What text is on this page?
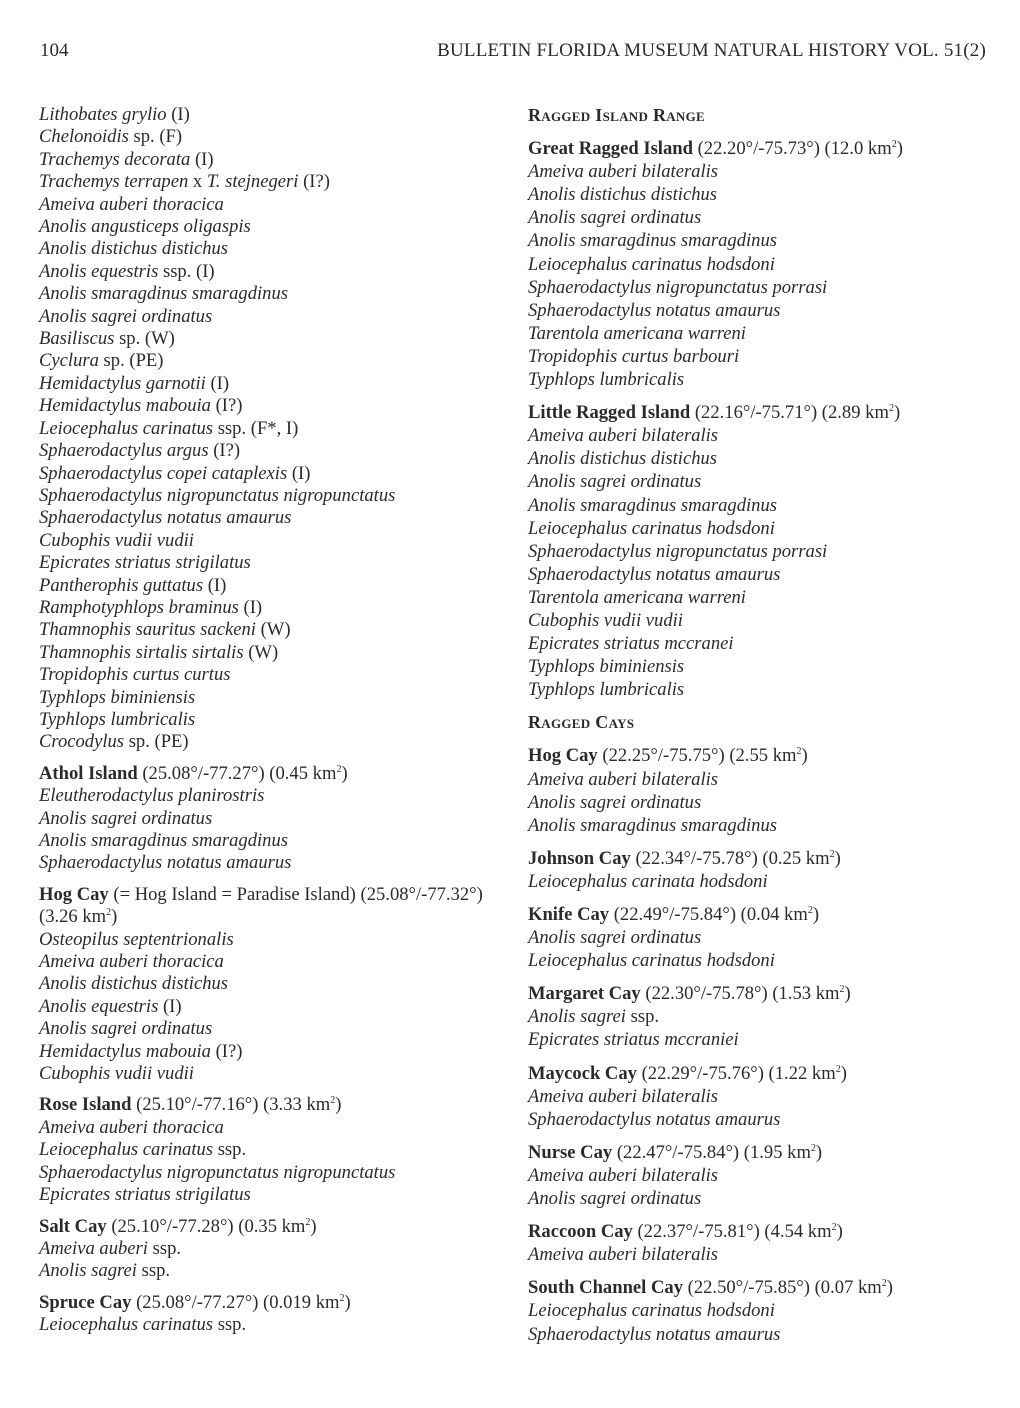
104	BULLETIN FLORIDA MUSEUM NATURAL HISTORY VOL. 51(2)
Lithobates grylio (I)
Chelonoidis sp. (F)
Trachemys decorata (I)
Trachemys terrapen x T. stejnegeri (I?)
Ameiva auberi thoracica
Anolis angusticeps oligaspis
Anolis distichus distichus
Anolis equestris ssp. (I)
Anolis smaragdinus smaragdinus
Anolis sagrei ordinatus
Basiliscus sp. (W)
Cyclura sp. (PE)
Hemidactylus garnotii (I)
Hemidactylus mabouia (I?)
Leiocephalus carinatus ssp. (F*, I)
Sphaerodactylus argus (I?)
Sphaerodactylus copei cataplexis (I)
Sphaerodactylus nigropunctatus nigropunctatus
Sphaerodactylus notatus amaurus
Cubophis vudii vudii
Epicrates striatus strigilatus
Pantherophis guttatus (I)
Ramphotyphlops braminus (I)
Thamnophis sauritus sackeni (W)
Thamnophis sirtalis sirtalis (W)
Tropidophis curtus curtus
Typhlops biminiensis
Typhlops lumbricalis
Crocodylus sp. (PE)
Athol Island (25.08°/-77.27°) (0.45 $km^2$)
Eleutherodactylus planirostris
Anolis sagrei ordinatus
Anolis smaragdinus smaragdinus
Sphaerodactylus notatus amaurus
Hog Cay (= Hog Island = Paradise Island) (25.08°/-77.32°) (3.26 $km^2$)
Osteopilus septentrionalis
Ameiva auberi thoracica
Anolis distichus distichus
Anolis equestris (I)
Anolis sagrei ordinatus
Hemidactylus mabouia (I?)
Cubophis vudii vudii
Rose Island (25.10°/-77.16°) (3.33 $km^2$)
Ameiva auberi thoracica
Leiocephalus carinatus ssp.
Sphaerodactylus nigropunctatus nigropunctatus
Epicrates striatus strigilatus
Salt Cay (25.10°/-77.28°) (0.35 $km^2$)
Ameiva auberi ssp.
Anolis sagrei ssp.
Spruce Cay (25.08°/-77.27°) (0.019 $km^2$)
Leiocephalus carinatus ssp.
Ragged Island Range
Great Ragged Island (22.20°/-75.73°) (12.0 $km^2$)
Ameiva auberi bilateralis
Anolis distichus distichus
Anolis sagrei ordinatus
Anolis smaragdinus smaragdinus
Leiocephalus carinatus hodsdoni
Sphaerodactylus nigropunctatus porrasi
Sphaerodactylus notatus amaurus
Tarentola americana warreni
Tropidophis curtus barbouri
Typhlops lumbricalis
Little Ragged Island (22.16°/-75.71°) (2.89 $km^2$)
Ameiva auberi bilateralis
Anolis distichus distichus
Anolis sagrei ordinatus
Anolis smaragdinus smaragdinus
Leiocephalus carinatus hodsdoni
Sphaerodactylus nigropunctatus porrasi
Sphaerodactylus notatus amaurus
Tarentola americana warreni
Cubophis vudii vudii
Epicrates striatus mccranei
Typhlops biminiensis
Typhlops lumbricalis
Ragged Cays
Hog Cay (22.25°/-75.75°) (2.55 $km^2$)
Ameiva auberi bilateralis
Anolis sagrei ordinatus
Anolis smaragdinus smaragdinus
Johnson Cay (22.34°/-75.78°) (0.25 $km^2$)
Leiocephalus carinata hodsdoni
Knife Cay (22.49°/-75.84°) (0.04 $km^2$)
Anolis sagrei ordinatus
Leiocephalus carinatus hodsdoni
Margaret Cay (22.30°/-75.78°) (1.53 $km^2$)
Anolis sagrei ssp.
Epicrates striatus mccraniei
Maycock Cay (22.29°/-75.76°) (1.22 $km^2$)
Ameiva auberi bilateralis
Sphaerodactylus notatus amaurus
Nurse Cay (22.47°/-75.84°) (1.95 $km^2$)
Ameiva auberi bilateralis
Anolis sagrei ordinatus
Raccoon Cay (22.37°/-75.81°) (4.54 $km^2$)
Ameiva auberi bilateralis
South Channel Cay (22.50°/-75.85°) (0.07 $km^2$)
Leiocephalus carinatus hodsdoni
Sphaerodactylus notatus amaurus
